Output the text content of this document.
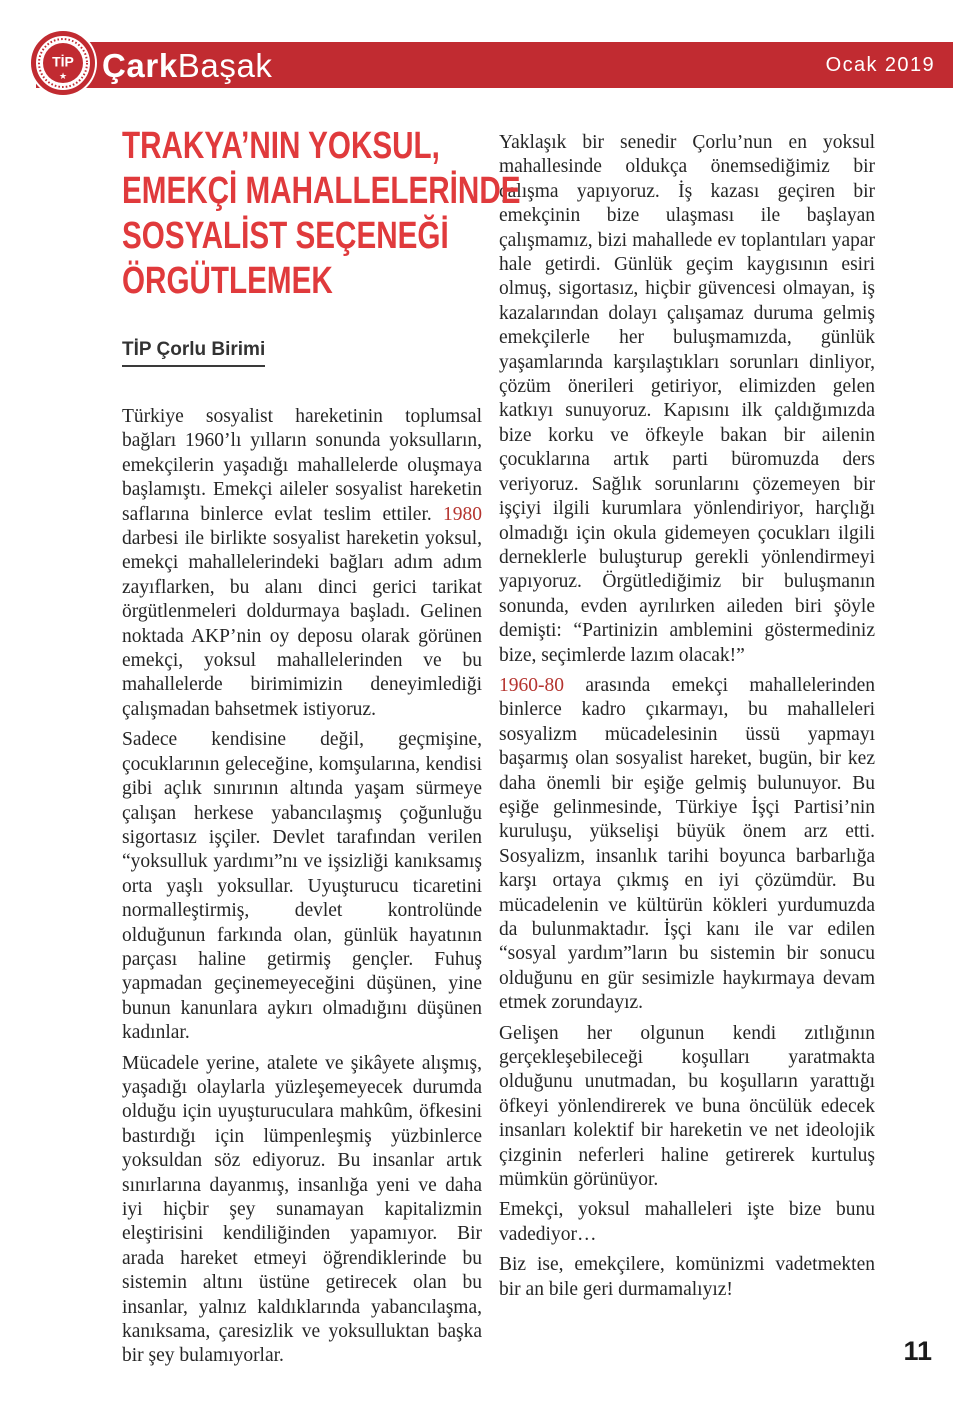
TİP
★ Çark Başak	Ocak 2019
TRAKYA’NIN YOKSUL,
EMEKÇİ MAHALLELERİNDE
SOSYALİST SEÇENEĞİ
ÖRGÜTLEMEK
TİP Çorlu Birimi

Türkiye sosyalist hareketinin toplumsal bağları 1960’lı yılların sonunda yoksulların, emekçilerin yaşadığı mahallelerde oluşmaya başlamıştı. Emekçi aileler sosyalist hareketin saflarına binlerce evlat teslim ettiler. 1980 darbesi ile birlikte sosyalist hareketin yoksul, emekçi mahallelerindeki bağları adım adım zayıflarken, bu alanı dinci gerici tarikat örgütlenmeleri doldurmaya başladı. Gelinen noktada AKP’nin oy deposu olarak görünen emekçi, yoksul mahallelerinden ve bu mahallelerde birimimizin deneyimlediği çalışmadan bahsetmek istiyoruz.

Sadece kendisine değil, geçmişine, çocuklarının geleceğine, komşularına, kendisi gibi açlık sınırının altında yaşam sürmeye çalışan herkese yabancılaşmış çoğunluğu sigortasız işçiler. Devlet tarafından verilen “yoksulluk yardımı”nı ve işsizliği kanıksamış orta yaşlı yoksullar. Uyuşturucu ticaretini normalleştirmiş, devlet kontrolünde olduğunun farkında olan, günlük hayatının parçası haline getirmiş gençler. Fuhuş yapmadan geçinemeyeceğini düşünen, yine bunun kanunlara aykırı olmadığını düşünen kadınlar.

Mücadele yerine, atalete ve şikâyete alışmış, yaşadığı olaylarla yüzleşemeyecek durumda olduğu için uyuşturuculara mahkûm, öfkesini bastırdığı için lümpenleşmiş yüzbinlerce yoksuldan söz ediyoruz. Bu insanlar artık sınırlarına dayanmış, insanlığa yeni ve daha iyi hiçbir şey sunamayan kapitalizmin eleştirisini kendiliğinden yapamıyor. Bir arada hareket etmeyi öğrendiklerinde bu sistemin altını üstüne getirecek olan bu insanlar, yalnız kaldıklarında yabancılaşma, kanıksama, çaresizlik ve yoksulluktan başka bir şey bulamıyorlar.

Yaklaşık bir senedir Çorlu’nun en yoksul mahallesinde oldukça önemsediğimiz bir çalışma yapıyoruz. İş kazası geçiren bir emekçinin bize ulaşması ile başlayan çalışmamız, bizi mahallede ev toplantıları yapar hale getirdi. Günlük geçim kaygısının esiri olmuş, sigortasız, hiçbir güvencesi olmayan, iş kazalarından dolayı çalışamaz duruma gelmiş emekçilerle her buluşmamızda, günlük yaşamlarında karşılaştıkları sorunları dinliyor, çözüm önerileri getiriyor, elimizden gelen katkıyı sunuyoruz. Kapısını ilk çaldığımızda bize korku ve öfkeyle bakan bir ailenin çocuklarına artık parti büromuzda ders veriyoruz. Sağlık sorunlarını çözemeyen bir işçiyi ilgili kurumlara yönlendiriyor, harçlığı olmadığı için okula gidemeyen çocukları ilgili derneklerle buluşturup gerekli yönlendirmeyi yapıyoruz. Örgütlediğimiz bir buluşmanın sonunda, evden ayrılırken aileden biri şöyle demişti: “Partinizin amblemini göstermediniz bize, seçimlerde lazım olacak!”

1960-80 arasında emekçi mahallelerinden binlerce kadro çıkarmayı, bu mahalleleri sosyalizm mücadelesinin üssü yapmayı başarmış olan sosyalist hareket, bugün, bir kez daha önemli bir eşiğe gelmiş bulunuyor. Bu eşiğe gelinmesinde, Türkiye İşçi Partisi’nin kuruluşu, yükselişi büyük önem arz etti. Sosyalizm, insanlık tarihi boyunca barbarlığa karşı ortaya çıkmış en iyi çözümdür. Bu mücadelenin ve kültürün kökleri yurdumuzda da bulunmaktadır. İşçi kanı ile var edilen “sosyal yardım”ların bu sistemin bir sonucu olduğunu en gür sesimizle haykırmaya devam etmek zorundayız.

Gelişen her olgunun kendi zıtlığının gerçekleşebileceği koşulları yaratmakta olduğunu unutmadan, bu koşulların yarattığı öfkeyi yönlendirerek ve buna öncülük edecek insanları kolektif bir hareketin ve net ideolojik çizginin neferleri haline getirerek kurtuluş mümkün görünüyor.

Emekçi, yoksul mahalleleri işte bize bunu vadediyor…

Biz ise, emekçilere, komünizmi vadetmekten bir an bile geri durmamalıyız!

11
